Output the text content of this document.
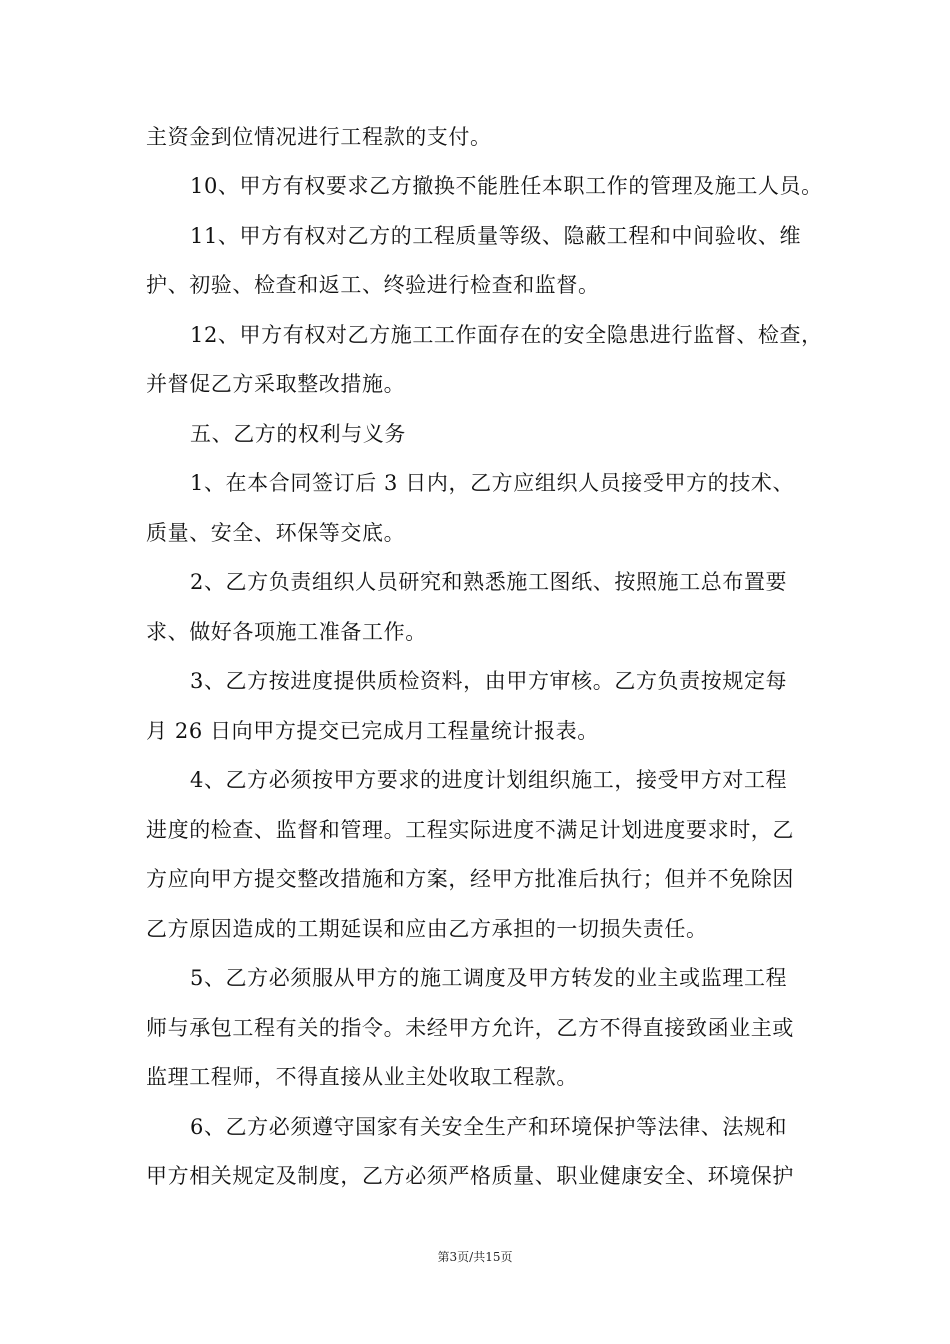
主资金到位情况进行工程款的支付。
10、甲方有权要求乙方撤换不能胜任本职工作的管理及施工人员。
11、甲方有权对乙方的工程质量等级、隐蔽工程和中间验收、维
护、初验、检查和返工、终验进行检查和监督。
12、甲方有权对乙方施工工作面存在的安全隐患进行监督、检查，
并督促乙方采取整改措施。
五、乙方的权利与义务
1、在本合同签订后 3 日内，乙方应组织人员接受甲方的技术、
质量、安全、环保等交底。
2、乙方负责组织人员研究和熟悉施工图纸、按照施工总布置要
求、做好各项施工准备工作。
3、乙方按进度提供质检资料，由甲方审核。乙方负责按规定每
月 26 日向甲方提交已完成月工程量统计报表。
4、乙方必须按甲方要求的进度计划组织施工，接受甲方对工程
进度的检查、监督和管理。工程实际进度不满足计划进度要求时，乙
方应向甲方提交整改措施和方案，经甲方批准后执行；但并不免除因
乙方原因造成的工期延误和应由乙方承担的一切损失责任。
5、乙方必须服从甲方的施工调度及甲方转发的业主或监理工程
师与承包工程有关的指令。未经甲方允许，乙方不得直接致函业主或
监理工程师，不得直接从业主处收取工程款。
6、乙方必须遵守国家有关安全生产和环境保护等法律、法规和
甲方相关规定及制度，乙方必须严格质量、职业健康安全、环境保护
第3页/共15页
